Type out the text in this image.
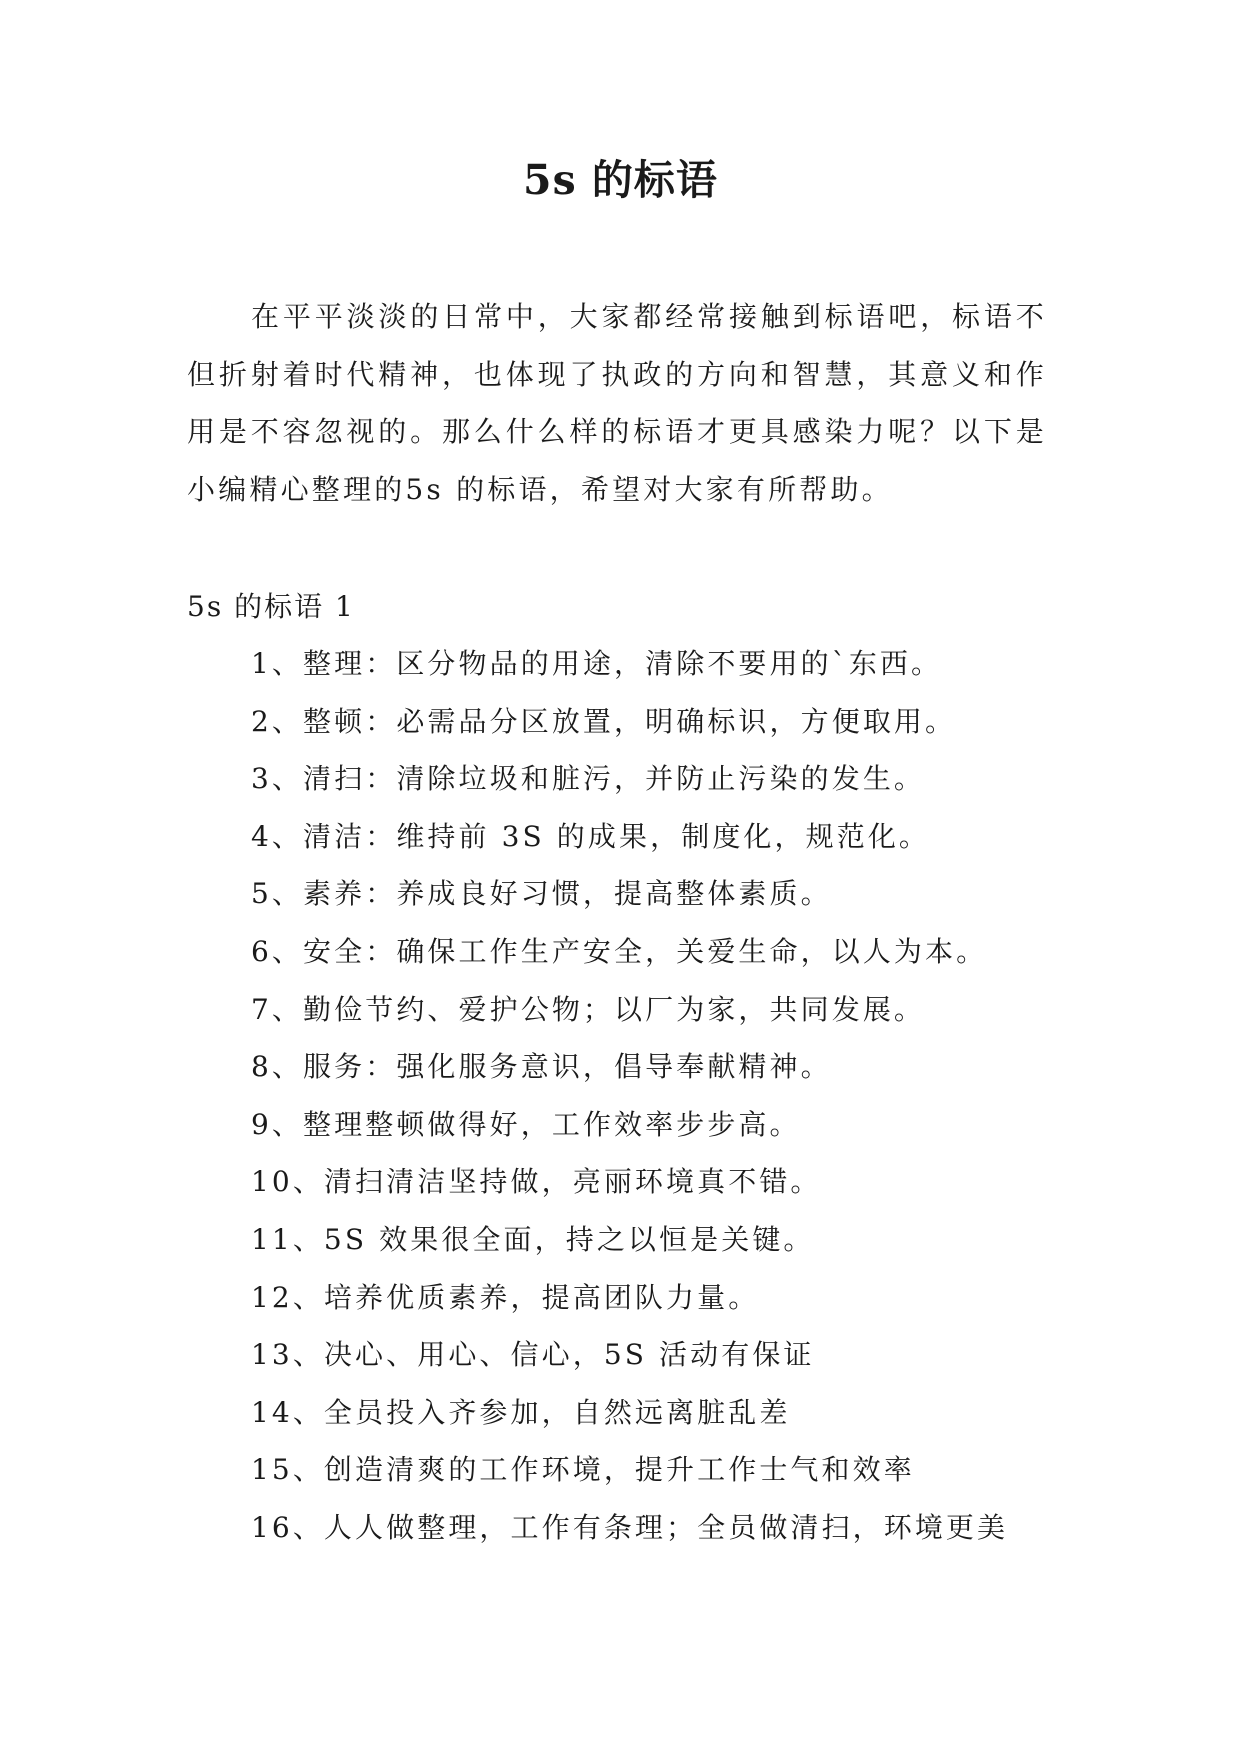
5s 的标语

在平平淡淡的日常中，大家都经常接触到标语吧，标语不但折射着时代精神，也体现了执政的方向和智慧，其意义和作用是不容忽视的。那么什么样的标语才更具感染力呢？以下是小编精心整理的5s 的标语，希望对大家有所帮助。

5s 的标语 1
1、整理：区分物品的用途，清除不要用的`东西。
2、整顿：必需品分区放置，明确标识，方便取用。
3、清扫：清除垃圾和脏污，并防止污染的发生。
4、清洁：维持前 3S 的成果，制度化，规范化。
5、素养：养成良好习惯，提高整体素质。
6、安全：确保工作生产安全，关爱生命，以人为本。
7、勤俭节约、爱护公物；以厂为家，共同发展。
8、服务：强化服务意识，倡导奉献精神。
9、整理整顿做得好，工作效率步步高。
10、清扫清洁坚持做，亮丽环境真不错。
11、5S 效果很全面，持之以恒是关键。
12、培养优质素养，提高团队力量。
13、决心、用心、信心，5S 活动有保证
14、全员投入齐参加，自然远离脏乱差
15、创造清爽的工作环境，提升工作士气和效率
16、人人做整理，工作有条理；全员做清扫，环境更美
